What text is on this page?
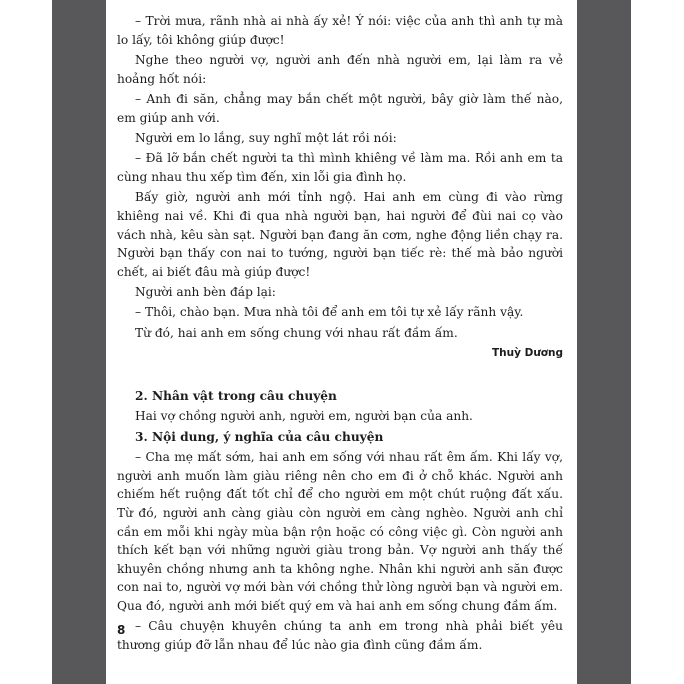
– Trời mưa, rãnh nhà ai nhà ấy xẻ! Ý nói: việc của anh thì anh tự mà lo lấy, tôi không giúp được!

Nghe theo người vợ, người anh đến nhà người em, lại làm ra vẻ hoảng hốt nói:

– Anh đi săn, chẳng may bắn chết một người, bây giờ làm thế nào, em giúp anh với.

Người em lo lắng, suy nghĩ một lát rồi nói:

– Đã lỡ bắn chết người ta thì mình khiêng về làm ma. Rồi anh em ta cùng nhau thu xếp tìm đến, xin lỗi gia đình họ.

Bấy giờ, người anh mới tỉnh ngộ. Hai anh em cùng đi vào rừng khiêng nai về. Khi đi qua nhà người bạn, hai người để đùi nai cọ vào vách nhà, kêu sàn sạt. Người bạn đang ăn cơm, nghe động liền chạy ra. Người bạn thấy con nai to tướng, người bạn tiếc rè: thế mà bảo người chết, ai biết đâu mà giúp được!

Người anh bèn đáp lại:

– Thôi, chào bạn. Mưa nhà tôi để anh em tôi tự xẻ lấy rãnh vậy.

Từ đó, hai anh em sống chung với nhau rất đầm ấm.

Thuỳ Dương

2. Nhân vật trong câu chuyện

Hai vợ chồng người anh, người em, người bạn của anh.

3. Nội dung, ý nghĩa của câu chuyện

– Cha mẹ mất sớm, hai anh em sống với nhau rất êm ấm. Khi lấy vợ, người anh muốn làm giàu riêng nên cho em đi ở chỗ khác. Người anh chiếm hết ruộng đất tốt chỉ để cho người em một chút ruộng đất xấu. Từ đó, người anh càng giàu còn người em càng nghèo. Người anh chỉ cần em mỗi khi ngày mùa bận rộn hoặc có công việc gì. Còn người anh thích kết bạn với những người giàu trong bản. Vợ người anh thấy thế khuyên chồng nhưng anh ta không nghe. Nhân khi người anh săn được con nai to, người vợ mới bàn với chồng thử lòng người bạn và người em. Qua đó, người anh mới biết quý em và hai anh em sống chung đầm ấm.

– Câu chuyện khuyên chúng ta anh em trong nhà phải biết yêu thương giúp đỡ lẫn nhau để lúc nào gia đình cũng đầm ấm.

8
